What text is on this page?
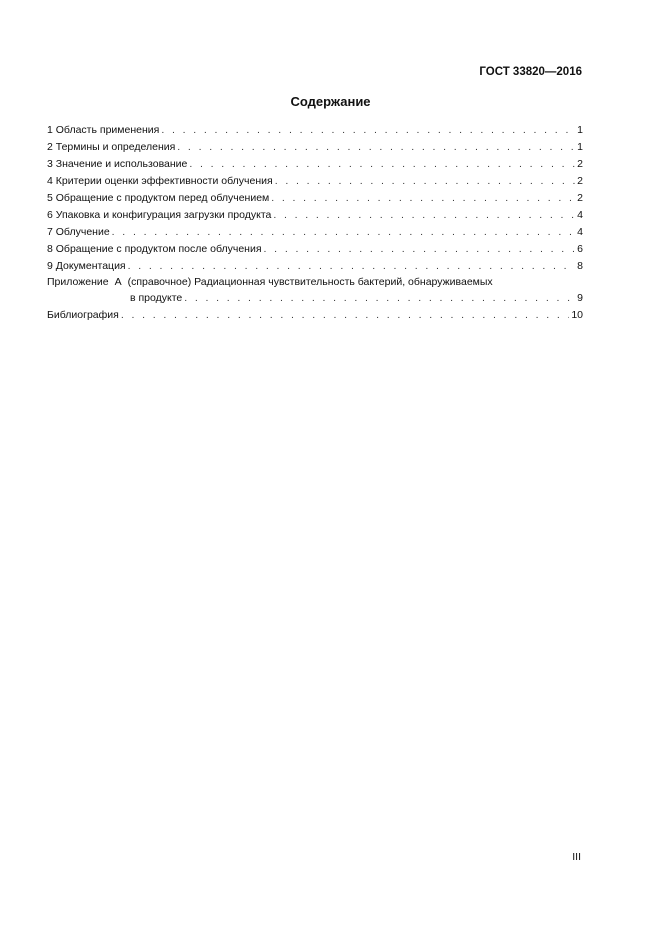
ГОСТ 33820—2016
Содержание
1 Область применения . . .	1
2 Термины и определения . . .	1
3 Значение и использование . . .	2
4 Критерии оценки эффективности облучения . . .	2
5 Обращение с продуктом перед облучением . . .	2
6 Упаковка и конфигурация загрузки продукта . . .	4
7 Облучение . . .	4
8 Обращение с продуктом после облучения . . .	6
9 Документация . . .	8
Приложение А (справочное) Радиационная чувствительность бактерий, обнаруживаемых
в продукте . . .	9
Библиография . . .	10
III
